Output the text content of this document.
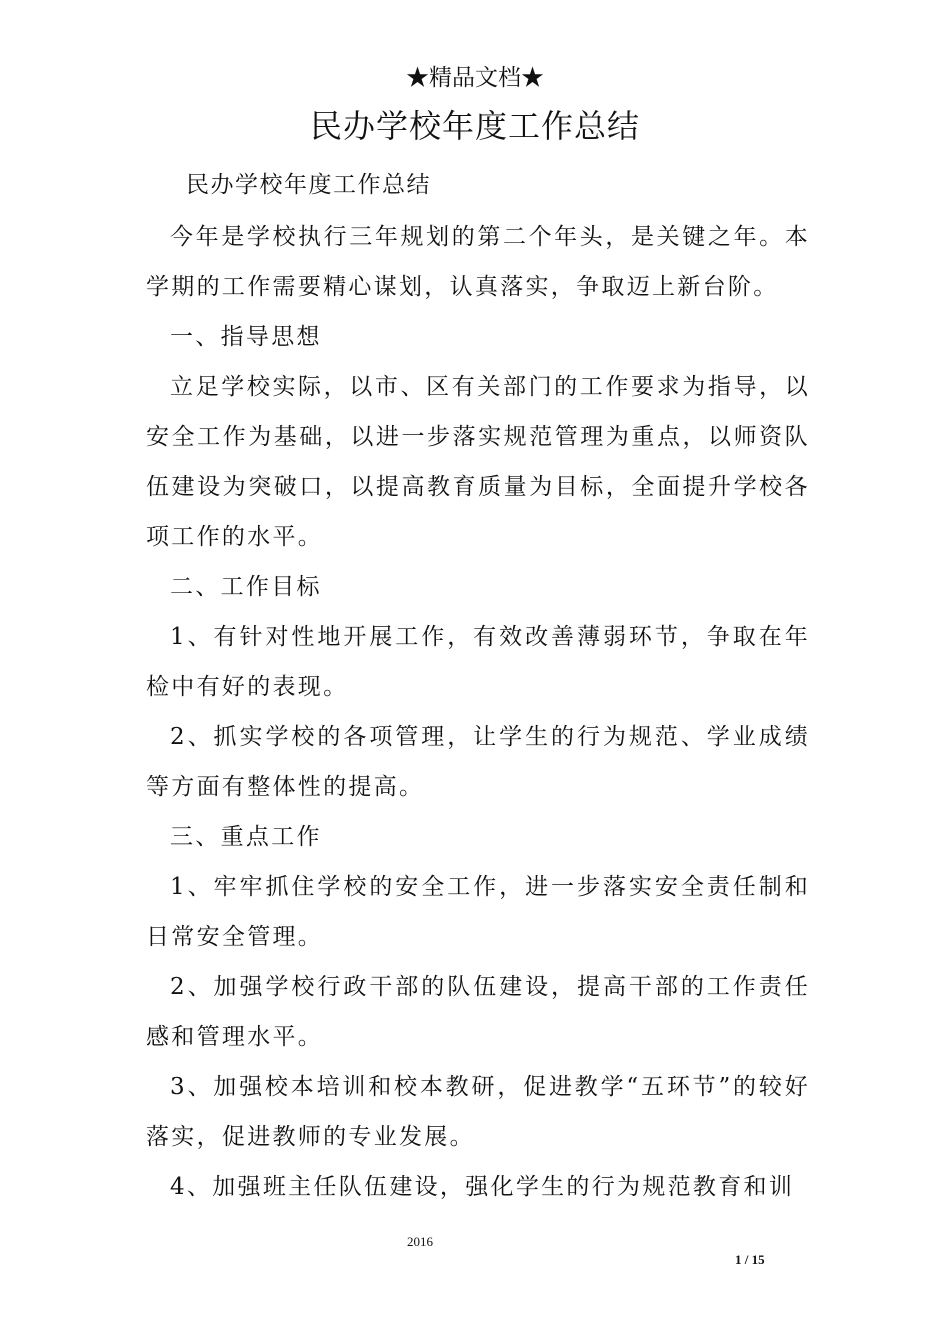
★精品文档★
民办学校年度工作总结

民办学校年度工作总结

今年是学校执行三年规划的第二个年头，是关键之年。本学期的工作需要精心谋划，认真落实，争取迈上新台阶。

一、指导思想

立足学校实际，以市、区有关部门的工作要求为指导，以安全工作为基础，以进一步落实规范管理为重点，以师资队伍建设为突破口，以提高教育质量为目标，全面提升学校各项工作的水平。

二、工作目标

1、有针对性地开展工作，有效改善薄弱环节，争取在年检中有好的表现。

2、抓实学校的各项管理，让学生的行为规范、学业成绩等方面有整体性的提高。

三、重点工作

1、牢牢抓住学校的安全工作，进一步落实安全责任制和日常安全管理。

2、加强学校行政干部的队伍建设，提高干部的工作责任感和管理水平。

3、加强校本培训和校本教研，促进教学“五环节”的较好落实，促进教师的专业发展。

4、加强班主任队伍建设，强化学生的行为规范教育和训

2016
1 / 15
